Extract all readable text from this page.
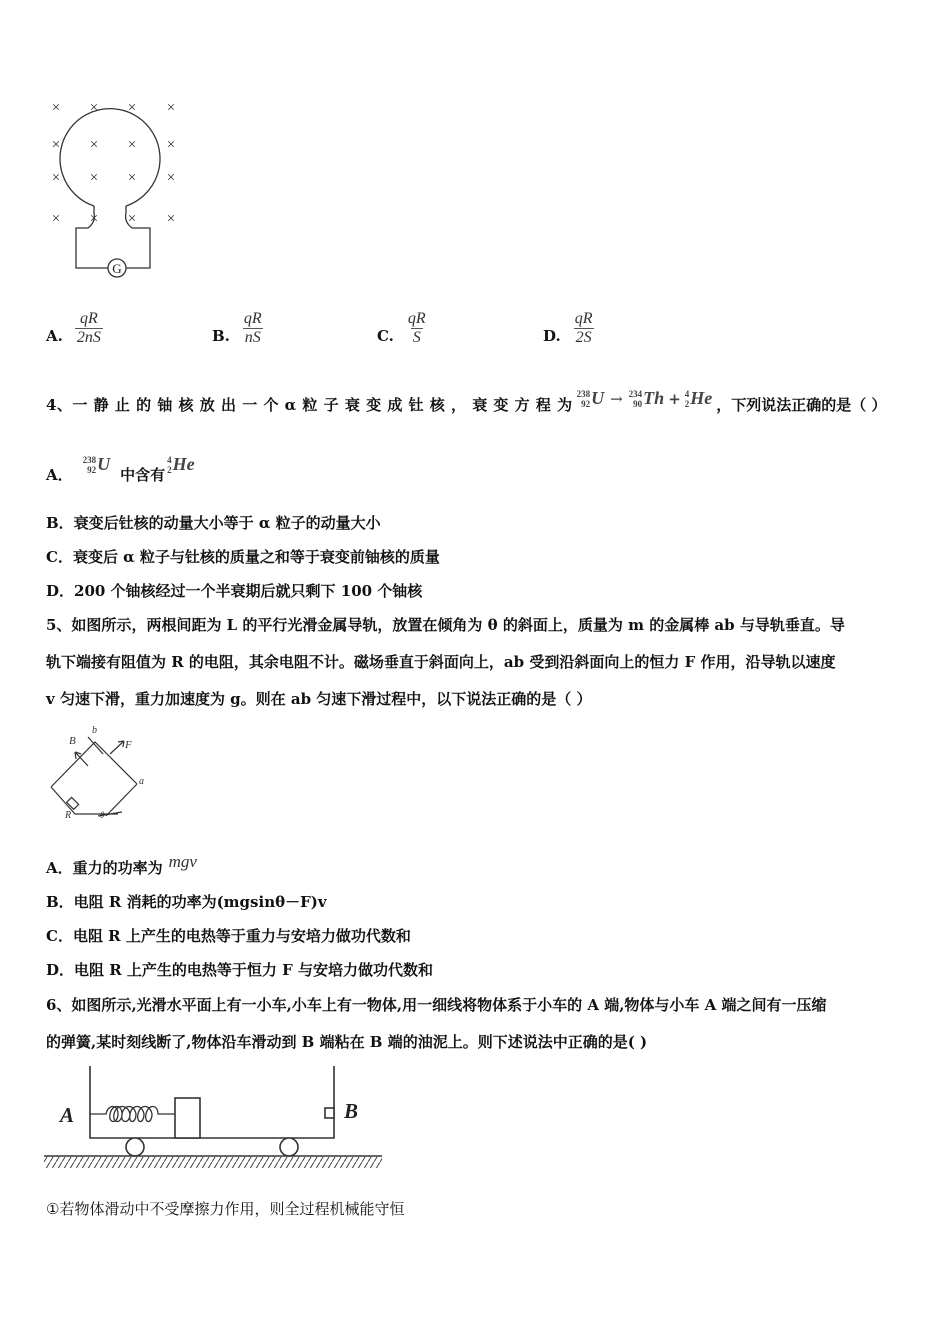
G
× × × ×
× × × ×
× × × ×
× × × ×
A. $\frac{qR}{2nS}$	B. $\frac{qR}{nS}$	C. $\frac{qR}{S}$	D. $\frac{qR}{2S}$
4、一 静 止 的 铀 核 放 出 一 个 α 粒 子 衰 变 成 钍 核 ， 衰 变 方 程 为
238
92 U → 234
90 Th + 4
2 He ，下列说法正确的是（ ）
A．
238
92 U
中含有
4
2 He
B．衰变后钍核的动量大小等于 α 粒子的动量大小
C．衰变后 α 粒子与钍核的质量之和等于衰变前铀核的质量
D．200 个铀核经过一个半衰期后就只剩下 100 个铀核
5、如图所示，两根间距为 L 的平行光滑金属导轨，放置在倾角为 θ 的斜面上，质量为 m 的金属棒 ab 与导轨垂直。导
轨下端接有阻值为 R 的电阻，其余电阻不计。磁场垂直于斜面向上，ab 受到沿斜面向上的恒力 F 作用，沿导轨以速度
v 匀速下滑，重力加速度为 g。则在 ab 匀速下滑过程中，以下说法正确的是（ ）
B
b
F
a
R	θ
A．重力的功率为 mgv
B．电阻 R 消耗的功率为(mgsinθ－F)v
C．电阻 R 上产生的电热等于重力与安培力做功代数和
D．电阻 R 上产生的电热等于恒力 F 与安培力做功代数和
6、如图所示,光滑水平面上有一小车,小车上有一物体,用一细线将物体系于小车的 A 端,物体与小车 A 端之间有一压缩
的弹簧,某时刻线断了,物体沿车滑动到 B 端粘在 B 端的油泥上。则下述说法中正确的是( )
A	B
①若物体滑动中不受摩擦力作用，则全过程机械能守恒
